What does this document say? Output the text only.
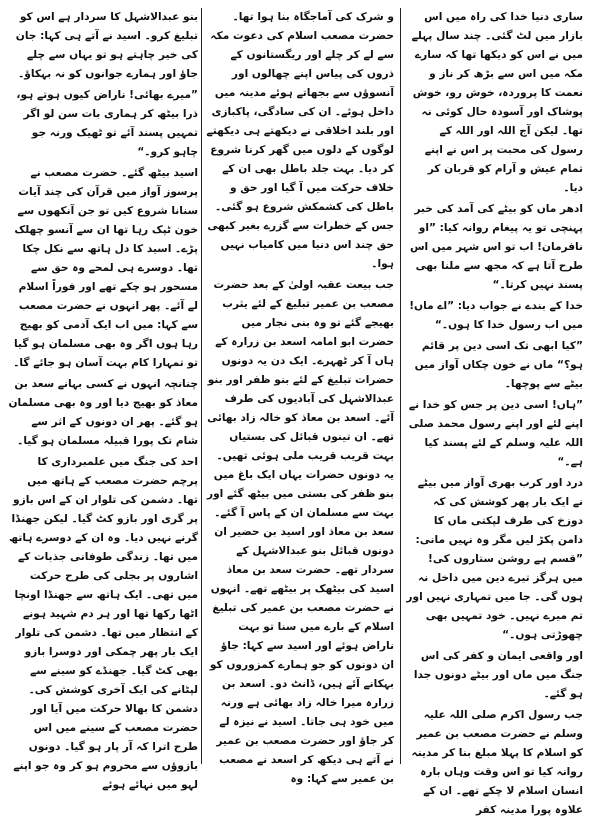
ساری دنیا خدا کی راہ میں اس بازار میں لٹ گئی۔ چند سال پہلے میں نے اس کو دیکھا تھا کہ سارے مکہ میں اس سے بڑھ کر ناز و نعمت کا پروردہ، خوش رو، خوش پوشاک اور آسودہ حال کوئی نہ تھا۔ لیکن آج اللہ اور اللہ کے رسول کی محبت پر اس نے اپنے تمام عیش و آرام کو قربان کر دیا۔

ادھر ماں کو بیٹے کی آمد کی خبر پہنچی تو یہ پیغام روانہ کیا: ”او نافرمان! اب تو اس شہر میں اس طرح آتا ہے کہ مجھ سے ملنا بھی پسند نہیں کرتا۔“

خدا کے بندے نے جواب دیا: ”اے ماں! میں اب رسول خدا کا ہوں۔“

”کیا ابھی تک اسی دین پر قائم ہو؟“ ماں نے خون چکاں آواز میں بیٹے سے پوچھا۔

”ہاں! اسی دین پر جس کو خدا نے اپنے لئے اور اپنے رسول محمد صلی اللہ علیہ وسلم کے لئے پسند کیا ہے۔“

درد اور کرب بھری آواز میں بیٹے نے ایک بار پھر کوشش کی کہ دوزخ کی طرف لپکتی ماں کا دامن پکڑ لیں مگر وہ نہیں مانی: ”قسم ہے روشن ستاروں کی! میں ہرگز تیرے دین میں داخل نہ ہوں گی۔ جا میں تمہاری نہیں اور تم میرے نہیں۔ خود تمہیں بھی چھوڑتی ہوں۔“

اور واقعی ایمان و کفر کی اس جنگ میں ماں اور بیٹے دونوں جدا ہو گئے۔

جب رسول اکرم صلی اللہ علیہ وسلم نے حضرت مصعب بن عمیر کو اسلام کا پہلا مبلغ بنا کر مدینہ روانہ کیا تو اس وقت وہاں بارہ انسان اسلام لا چکے تھے۔ ان کے علاوہ پورا مدینہ کفر

و شرک کی آماجگاہ بنا ہوا تھا۔ حضرت مصعب اسلام کی دعوت مکہ سے لے کر چلے اور ریگستانوں کے ذروں کی پیاس اپنے چھالوں اور آنسوؤں سے بجھاتے ہوئے مدینہ میں داخل ہوئے۔ ان کی سادگی، پاکبازی اور بلند اخلاقی نے دیکھتے ہی دیکھتے لوگوں کے دلوں میں گھر کرنا شروع کر دیا۔ بہت جلد باطل بھی ان کے خلاف حرکت میں آ گیا اور حق و باطل کی کشمکش شروع ہو گئی۔ جس کے خطرات سے گزرے بغیر کبھی حق چند اس دنیا میں کامیاب نہیں ہوا۔

جب بیعت عقبہ اولیٰ کے بعد حضرت مصعب بن عمیر تبلیغ کے لئے یثرب بھیجے گئے تو وہ بنی نجار میں حضرت ابو امامہ اسعد بن زرارہ کے ہاں آ کر ٹھہرے۔ ایک دن یہ دونوں حضرات تبلیغ کے لئے بنو ظفر اور بنو عبدالاشہل کی آبادیوں کی طرف آئے۔ اسعد بن معاذ کو خالہ زاد بھائی تھے۔ ان تینوں قبائل کی بستیاں بہت قریب قریب ملی ہوئی تھیں۔ یہ دونوں حضرات یہاں ایک باغ میں بنو ظفر کی بستی میں بیٹھ گئے اور بہت سے مسلمان ان کے پاس آ گئے۔ سعد بن معاذ اور اسید بن حضیر ان دونوں قبائل بنو عبدالاشہل کے سردار تھے۔ حضرت سعد بن معاذ اسید کی بیٹھک پر بیٹھے تھے۔ انہوں نے حضرت مصعب بن عمیر کی تبلیغ اسلام کے بارے میں سنا تو بہت ناراض ہوئے اور اسید سے کہا: جاؤ ان دونوں کو جو ہمارے کمزوروں کو بہکانے آئے ہیں، ڈانٹ دو۔ اسعد بن زرارہ میرا خالہ زاد بھائی ہے ورنہ میں خود ہی جاتا۔ اسید نے نیزہ لے کر جاؤ اور حضرت مصعب بن عمیر نے آتے ہی دیکھ کر اسعد نے مصعب بن عمیر سے کہا: وہ

بنو عبدالاشہل کا سردار ہے اس کو تبلیغ کرو۔ اسید نے آتے ہی کہا: جان کی خیر چاہتے ہو تو یہاں سے چلے جاؤ اور ہمارے جوانوں کو نہ بہکاؤ۔

”میرے بھائی! ناراض کیوں ہوتے ہو، ذرا بیٹھ کر ہماری بات سن لو اگر تمہیں پسند آئے تو ٹھیک ورنہ جو چاہو کرو۔“

اسید بیٹھ گئے۔ حضرت مصعب نے پرسوز آواز میں قرآن کی چند آیات سنانا شروع کیں تو جن آنکھوں سے خون ٹپک رہا تھا ان سے آنسو چھلک پڑے۔ اسید کا دل ہاتھ سے نکل چکا تھا۔ دوسرے ہی لمحے وہ حق سے مسحور ہو چکے تھے اور فوراً اسلام لے آئے۔ پھر انہوں نے حضرت مصعب سے کہا: میں اب ایک آدمی کو بھیج رہا ہوں اگر وہ بھی مسلمان ہو گیا تو تمہارا کام بہت آسان ہو جائے گا۔

چنانچہ انہوں نے کسی بہانے سعد بن معاذ کو بھیج دیا اور وہ بھی مسلمان ہو گئے۔ پھر ان دونوں کے اثر سے شام تک پورا قبیلہ مسلمان ہو گیا۔

احد کی جنگ میں علمبرداری کا پرچم حضرت مصعب کے ہاتھ میں تھا۔ دشمن کی تلوار ان کے اس بازو پر گری اور بازو کٹ گیا۔ لیکن جھنڈا گرنے نہیں دیا۔ وہ ان کے دوسرے ہاتھ میں تھا۔ زندگی طوفانی جذبات کے اشاروں پر بجلی کی طرح حرکت میں تھی۔ ایک ہاتھ سے جھنڈا اونچا اٹھا رکھا تھا اور ہر دم شہید ہونے کے انتظار میں تھا۔ دشمن کی تلوار ایک بار پھر چمکی اور دوسرا بازو بھی کٹ گیا۔ جھنڈے کو سینے سے لپٹانے کی ایک آخری کوشش کی۔ دشمن کا بھالا حرکت میں آیا اور حضرت مصعب کے سینے میں اس طرح اترا کہ آر پار ہو گیا۔ دونوں بازوؤں سے محروم ہو کر وہ جو اپنے لہو میں نہائے ہوئے
